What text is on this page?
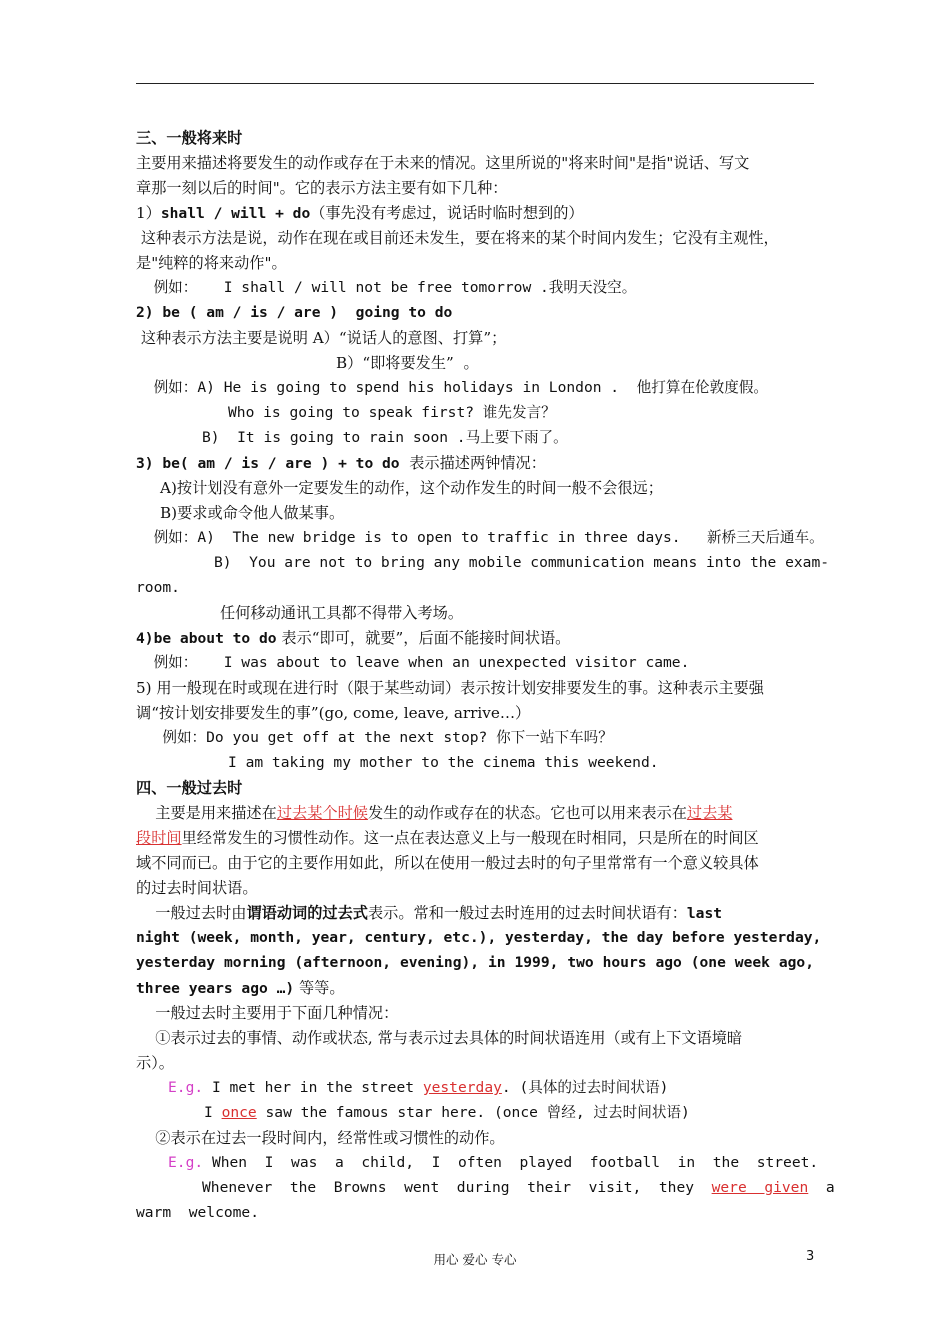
三、一般将来时
主要用来描述将要发生的动作或存在于未来的情况。这里所说的"将来时间"是指"说话、写文
章那一刻以后的时间"。它的表示方法主要有如下几种：
1）shall / will + do（事先没有考虑过，说话时临时想到的）
这种表示方法是说，动作在现在或目前还未发生，要在将来的某个时间内发生；它没有主观性，
是"纯粹的将来动作"。
例如：   I shall / will not be free tomorrow .我明天没空。
2) be ( am / is / are )  going to do
这种表示方法主要是说明 A）“说话人的意图、打算”；
B）“即将要发生”  。
例如：A) He is going to spend his holidays in London .  他打算在伦敦度假。
Who is going to speak first? 谁先发言？
B)  It is going to rain soon .马上要下雨了。
3) be( am / is / are ) + to do  表示描述两钟情况：
A)按计划没有意外一定要发生的动作，这个动作发生的时间一般不会很远；
B)要求或命令他人做某事。
例如：A)  The new bridge is to open to traffic in three days.   新桥三天后通车。
B)  You are not to bring any mobile communication means into the exam-
room.
任何移动通讯工具都不得带入考场。
4)be about to do 表示“即可，就要”，后面不能接时间状语。
例如：   I was about to leave when an unexpected visitor came.
5) 用一般现在时或现在进行时（限于某些动词）表示按计划安排要发生的事。这种表示主要强
调“按计划安排要发生的事”(go, come, leave, arrive…）
例如：Do you get off at the next stop? 你下一站下车吗？
I am taking my mother to the cinema this weekend.
四、一般过去时
主要是用来描述在过去某个时候发生的动作或存在的状态。它也可以用来表示在过去某
段时间里经常发生的习惯性动作。这一点在表达意义上与一般现在时相同，只是所在的时间区
域不同而已。由于它的主要作用如此，所以在使用一般过去时的句子里常常有一个意义较具体
的过去时间状语。
一般过去时由谓语动词的过去式表示。常和一般过去时连用的过去时间状语有：last
night (week, month, year, century, etc.), yesterday, the day before yesterday,
yesterday morning (afternoon, evening), in 1999, two hours ago (one week ago,
three years ago …) 等等。
一般过去时主要用于下面几种情况：
①表示过去的事情、动作或状态, 常与表示过去具体的时间状语连用（或有上下文语境暗
示）。
E.g. I met her in the street yesterday. (具体的过去时间状语)
I once saw the famous star here. (once 曾经, 过去时间状语)
②表示在过去一段时间内，经常性或习惯性的动作。
E.g. When  I  was  a  child,  I  often  played  football  in  the  street.
Whenever  the  Browns  went  during  their  visit,  they  were  given  a
warm  welcome.
用心 爱心 专心	3
